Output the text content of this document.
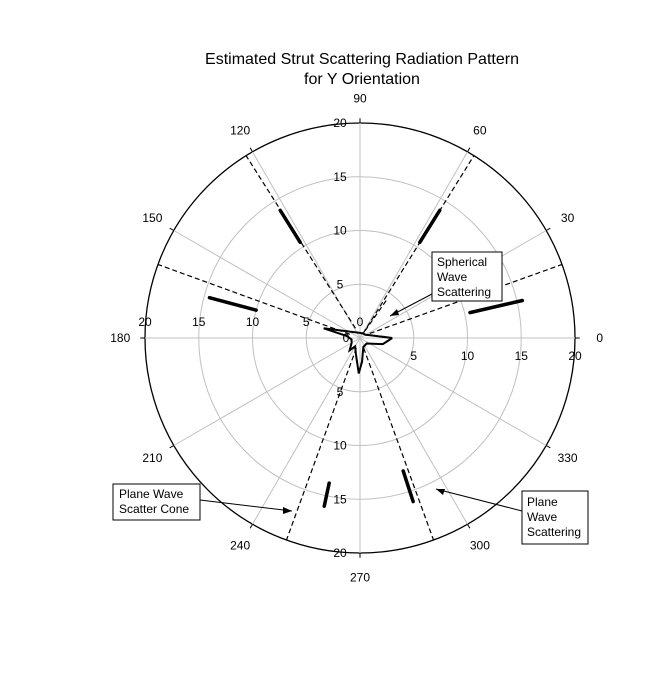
Estimated Strut Scattering Radiation Pattern
for Y Orientation
0
30
60
90
120
150
180
210
240
270
300
330
20	15	10	5	0
5	10	15	20
20
15
10
5
0
5
10
15
20
Spherical
Wave
Scattering
Plane Wave
Scatter Cone	Plane
Wave
Scattering
